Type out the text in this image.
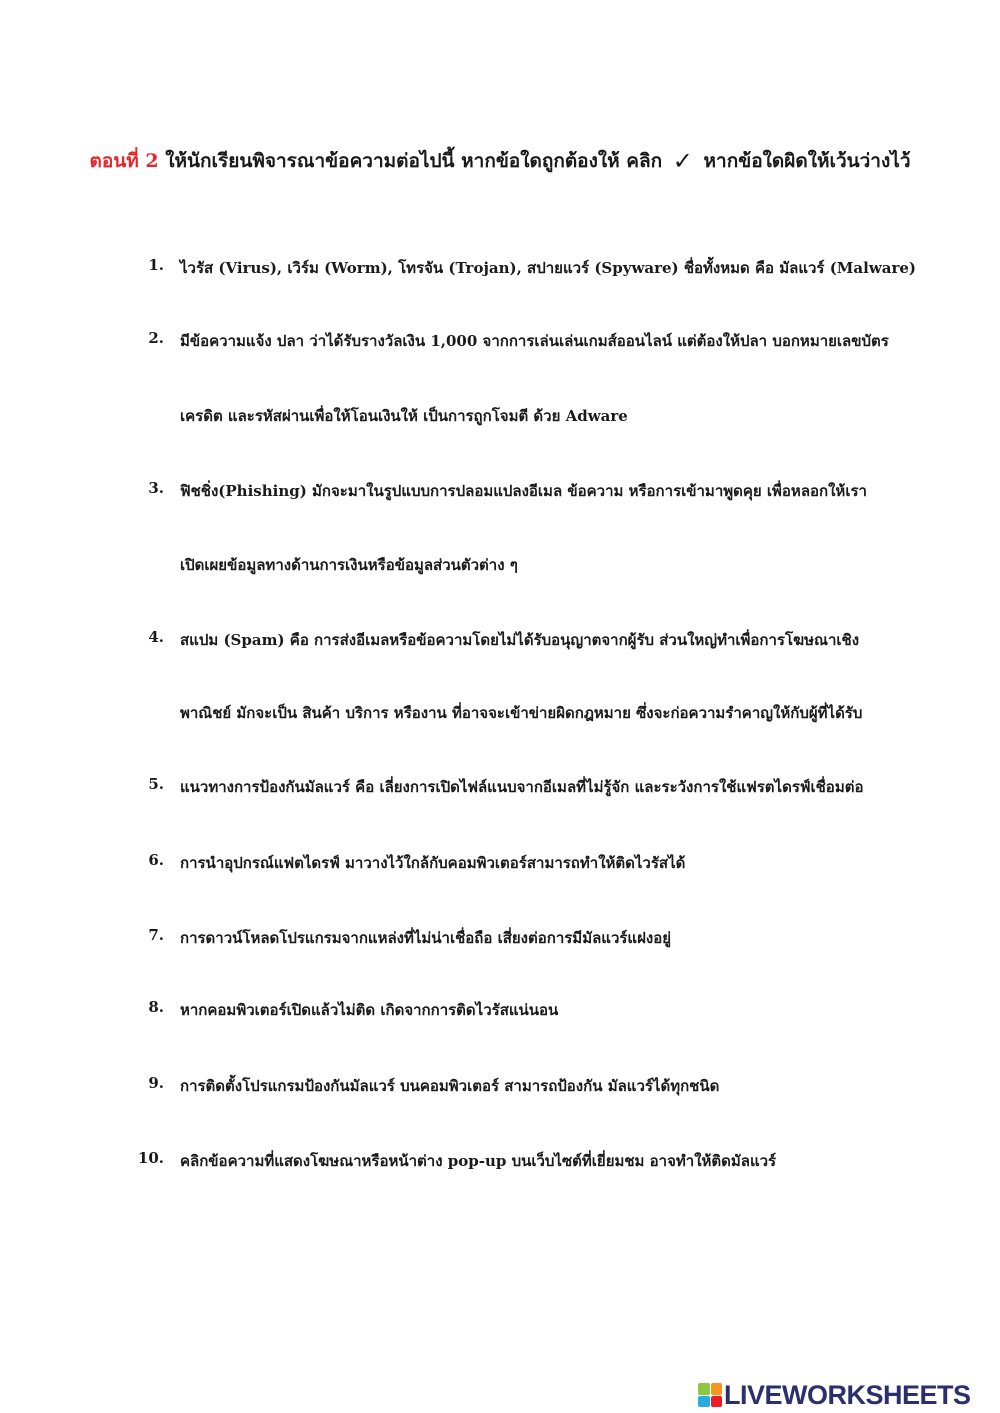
ตอนที่ 2 ให้นักเรียนพิจารณาข้อความต่อไปนี้ หากข้อใดถูกต้องให้ คลิก ✓ หากข้อใดผิดให้เว้นว่างไว้
1. ไวรัส (Virus), เวิร์ม (Worm), โทรจัน (Trojan), สปายแวร์ (Spyware) ชื่อทั้งหมด คือ มัลแวร์ (Malware)
2. มีข้อความแจ้ง ปลา ว่าได้รับรางวัลเงิน 1,000 จากการเล่นเล่นเกมส์ออนไลน์ แต่ต้องให้ปลา บอกหมายเลขบัตร
เครดิต และรหัสผ่านเพื่อให้โอนเงินให้ เป็นการถูกโจมตี ด้วย Adware
3. ฟิชชิ่ง(Phishing) มักจะมาในรูปแบบการปลอมแปลงอีเมล ข้อความ หรือการเข้ามาพูดคุย เพื่อหลอกให้เรา
เปิดเผยข้อมูลทางด้านการเงินหรือข้อมูลส่วนตัวต่าง ๆ
4. สแปม (Spam) คือ การส่งอีเมลหรือข้อความโดยไม่ได้รับอนุญาตจากผู้รับ ส่วนใหญ่ทำเพื่อการโฆษณาเชิง
พาณิชย์ มักจะเป็น สินค้า บริการ หรืองาน ที่อาจจะเข้าข่ายผิดกฎหมาย ซึ่งจะก่อความรำคาญให้กับผู้ที่ได้รับ
5. แนวทางการป้องกันมัลแวร์ คือ เลี่ยงการเปิดไฟล์แนบจากอีเมลที่ไม่รู้จัก และระวังการใช้แฟรตไดรฟ์เชื่อมต่อ
6. การนำอุปกรณ์แฟตไดรฟ์ มาวางไว้ใกล้กับคอมพิวเตอร์สามารถทำให้ติดไวรัสได้
7. การดาวน์โหลดโปรแกรมจากแหล่งที่ไม่น่าเชื่อถือ เสี่ยงต่อการมีมัลแวร์แฝงอยู่
8. หากคอมพิวเตอร์เปิดแล้วไม่ติด เกิดจากการติดไวรัสแน่นอน
9. การติดตั้งโปรแกรมป้องกันมัลแวร์ บนคอมพิวเตอร์ สามารถป้องกัน มัลแวร์ได้ทุกชนิด
10. คลิกข้อความที่แสดงโฆษณาหรือหน้าต่าง pop-up บนเว็บไซต์ที่เยี่ยมชม อาจทำให้ติดมัลแวร์
LIVEWORKSHEETS
